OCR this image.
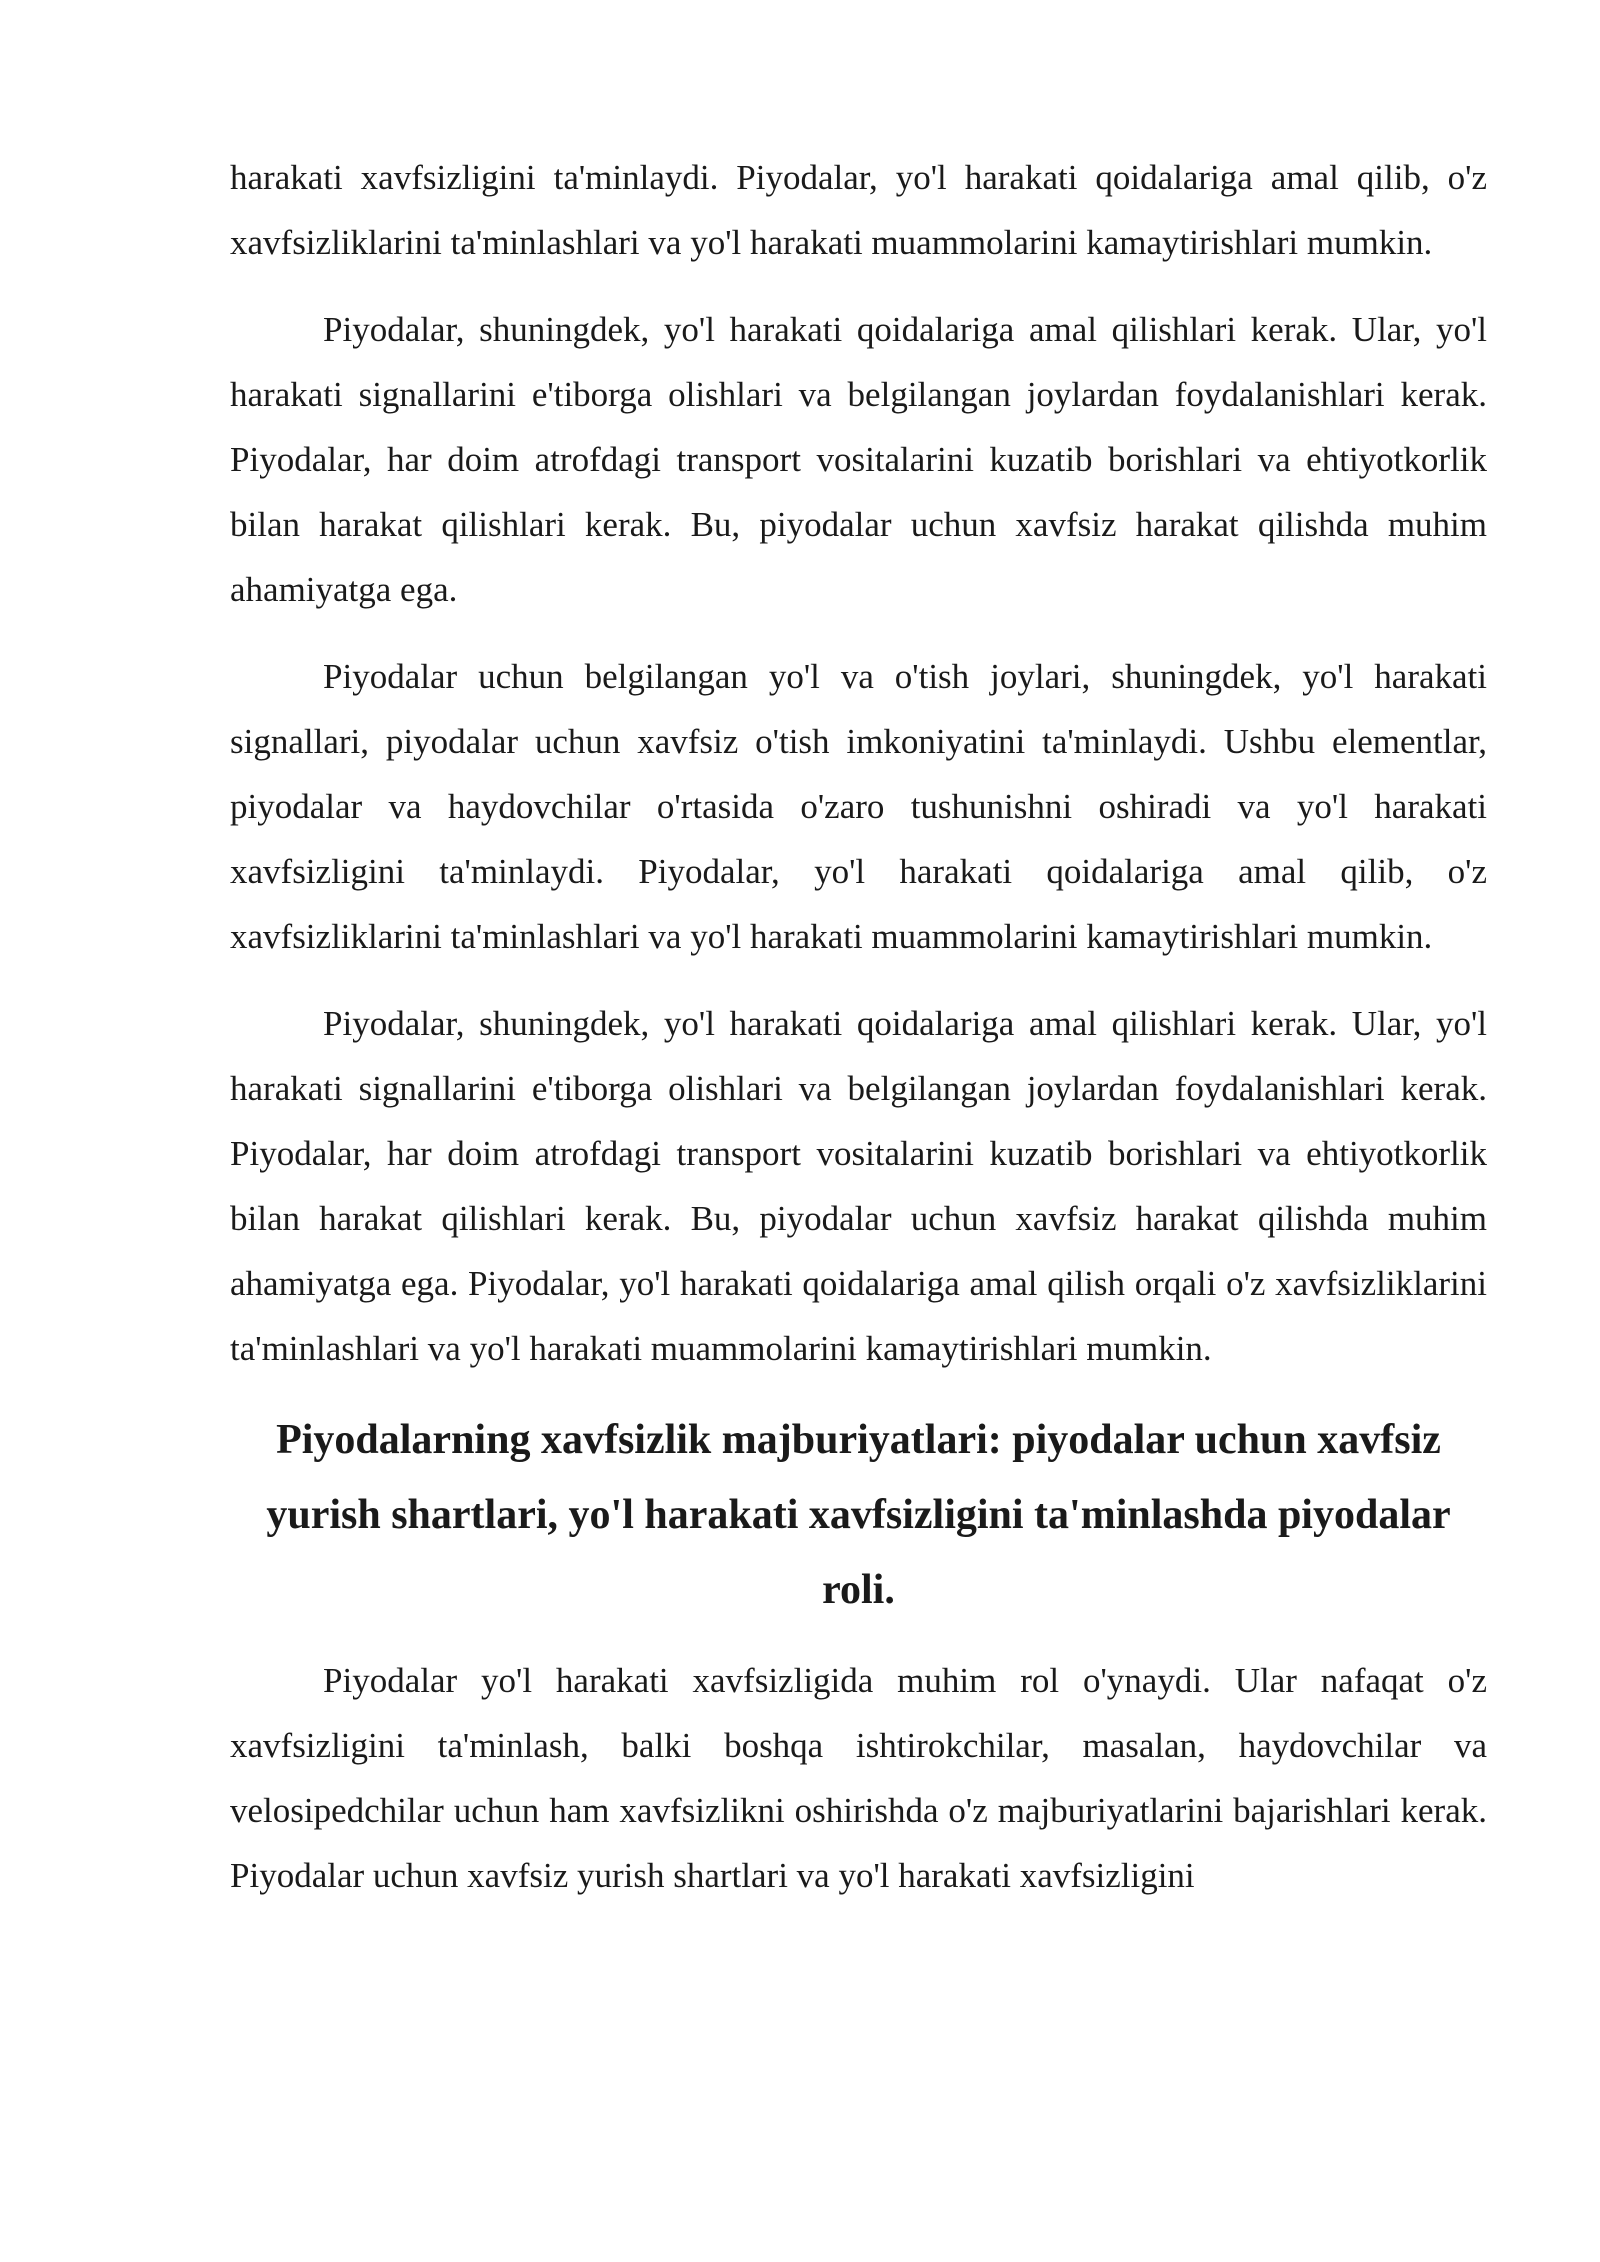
harakati xavfsizligini ta'minlaydi. Piyodalar, yo'l harakati qoidalariga amal qilib, o'z xavfsizliklarini ta'minlashlari va yo'l harakati muammolarini kamaytirishlari mumkin.

Piyodalar, shuningdek, yo'l harakati qoidalariga amal qilishlari kerak. Ular, yo'l harakati signallarini e'tiborga olishlari va belgilangan joylardan foydalanishlari kerak. Piyodalar, har doim atrofdagi transport vositalarini kuzatib borishlari va ehtiyotkorlik bilan harakat qilishlari kerak. Bu, piyodalar uchun xavfsiz harakat qilishda muhim ahamiyatga ega.

Piyodalar uchun belgilangan yo'l va o'tish joylari, shuningdek, yo'l harakati signallari, piyodalar uchun xavfsiz o'tish imkoniyatini ta'minlaydi. Ushbu elementlar, piyodalar va haydovchilar o'rtasida o'zaro tushunishni oshiradi va yo'l harakati xavfsizligini ta'minlaydi. Piyodalar, yo'l harakati qoidalariga amal qilib, o'z xavfsizliklarini ta'minlashlari va yo'l harakati muammolarini kamaytirishlari mumkin.

Piyodalar, shuningdek, yo'l harakati qoidalariga amal qilishlari kerak. Ular, yo'l harakati signallarini e'tiborga olishlari va belgilangan joylardan foydalanishlari kerak. Piyodalar, har doim atrofdagi transport vositalarini kuzatib borishlari va ehtiyotkorlik bilan harakat qilishlari kerak. Bu, piyodalar uchun xavfsiz harakat qilishda muhim ahamiyatga ega. Piyodalar, yo'l harakati qoidalariga amal qilish orqali o'z xavfsizliklarini ta'minlashlari va yo'l harakati muammolarini kamaytirishlari mumkin.

Piyodalarning xavfsizlik majburiyatlari: piyodalar uchun xavfsiz yurish shartlari, yo'l harakati xavfsizligini ta'minlashda piyodalar roli.

Piyodalar yo'l harakati xavfsizligida muhim rol o'ynaydi. Ular nafaqat o'z xavfsizligini ta'minlash, balki boshqa ishtirokchilar, masalan, haydovchilar va velosipedchilar uchun ham xavfsizlikni oshirishda o'z majburiyatlarini bajarishlari kerak. Piyodalar uchun xavfsiz yurish shartlari va yo'l harakati xavfsizligini
